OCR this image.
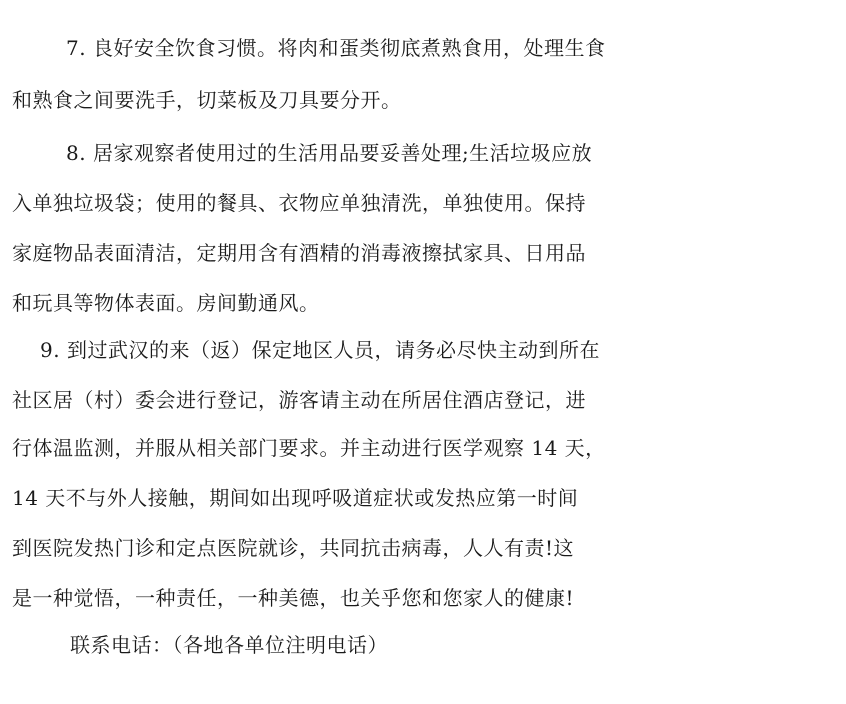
7. 良好安全饮食习惯。将肉和蛋类彻底煮熟食用，处理生食
和熟食之间要洗手，切菜板及刀具要分开。
8. 居家观察者使用过的生活用品要妥善处理;生活垃圾应放
入单独垃圾袋；使用的餐具、衣物应单独清洗，单独使用。保持
家庭物品表面清洁，定期用含有酒精的消毒液擦拭家具、日用品
和玩具等物体表面。房间勤通风。
9. 到过武汉的来（返）保定地区人员，请务必尽快主动到所在
社区居（村）委会进行登记，游客请主动在所居住酒店登记，进
行体温监测，并服从相关部门要求。并主动进行医学观察 14 天，
14 天不与外人接触，期间如出现呼吸道症状或发热应第一时间
到医院发热门诊和定点医院就诊，共同抗击病毒，人人有责!这
是一种觉悟，一种责任，一种美德，也关乎您和您家人的健康!
联系电话：（各地各单位注明电话）
